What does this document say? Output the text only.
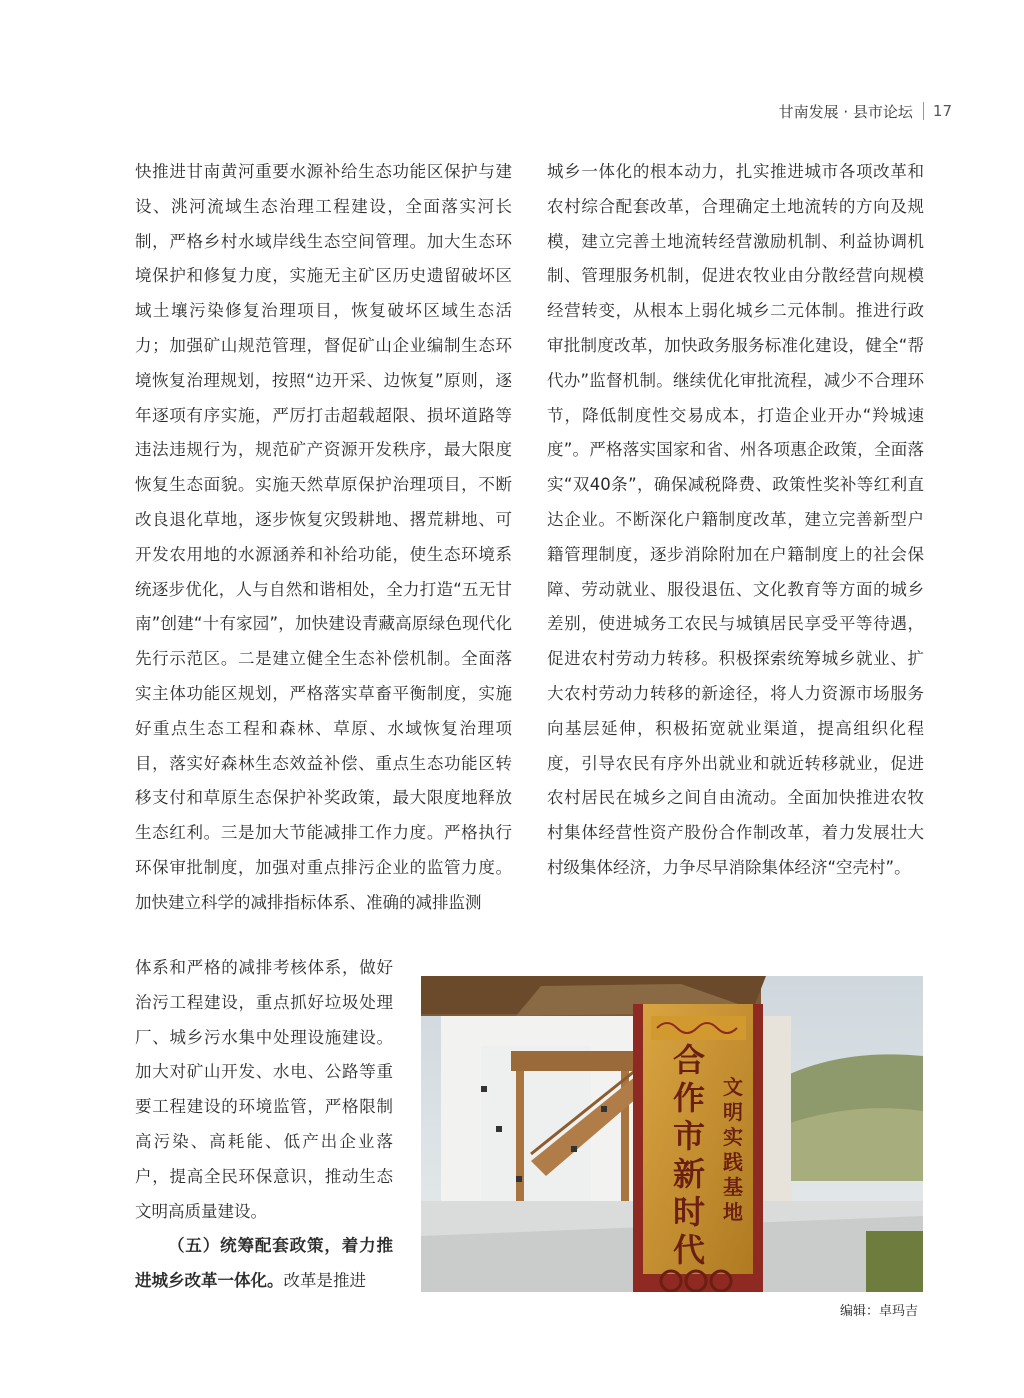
甘南发展 · 县市论坛 17

快推进甘南黄河重要水源补给生态功能区保护与建设、洮河流域生态治理工程建设，全面落实河长制，严格乡村水域岸线生态空间管理。加大生态环境保护和修复力度，实施无主矿区历史遗留破坏区域土壤污染修复治理项目，恢复破坏区域生态活力；加强矿山规范管理，督促矿山企业编制生态环境恢复治理规划，按照“边开采、边恢复”原则，逐年逐项有序实施，严厉打击超载超限、损坏道路等违法违规行为，规范矿产资源开发秩序，最大限度恢复生态面貌。实施天然草原保护治理项目，不断改良退化草地，逐步恢复灾毁耕地、撂荒耕地、可开发农用地的水源涵养和补给功能，使生态环境系统逐步优化，人与自然和谐相处，全力打造“五无甘南”创建“十有家园”，加快建设青藏高原绿色现代化先行示范区。二是建立健全生态补偿机制。全面落实主体功能区规划，严格落实草畜平衡制度，实施好重点生态工程和森林、草原、水域恢复治理项目，落实好森林生态效益补偿、重点生态功能区转移支付和草原生态保护补奖政策，最大限度地释放生态红利。三是加大节能减排工作力度。严格执行环保审批制度，加强对重点排污企业的监管力度。加快建立科学的减排指标体系、准确的减排监测

体系和严格的减排考核体系，做好治污工程建设，重点抓好垃圾处理厂、城乡污水集中处理设施建设。加大对矿山开发、水电、公路等重要工程建设的环境监管，严格限制高污染、高耗能、低产出企业落户，提高全民环保意识，推动生态文明高质量建设。

（五）统筹配套政策，着力推进城乡改革一体化。改革是推进

城乡一体化的根本动力，扎实推进城市各项改革和农村综合配套改革，合理确定土地流转的方向及规模，建立完善土地流转经营激励机制、利益协调机制、管理服务机制，促进农牧业由分散经营向规模经营转变，从根本上弱化城乡二元体制。推进行政审批制度改革，加快政务服务标准化建设，健全“帮代办”监督机制。继续优化审批流程，减少不合理环节，降低制度性交易成本，打造企业开办“羚城速度”。严格落实国家和省、州各项惠企政策，全面落实“双40条”，确保减税降费、政策性奖补等红利直达企业。不断深化户籍制度改革，建立完善新型户籍管理制度，逐步消除附加在户籍制度上的社会保障、劳动就业、服役退伍、文化教育等方面的城乡差别，使进城务工农民与城镇居民享受平等待遇，促进农村劳动力转移。积极探索统筹城乡就业、扩大农村劳动力转移的新途径，将人力资源市场服务向基层延伸，积极拓宽就业渠道，提高组织化程度，引导农民有序外出就业和就近转移就业，促进农村居民在城乡之间自由流动。全面加快推进农牧村集体经营性资产股份合作制改革，着力发展壮大村级集体经济，力争尽早消除集体经济“空壳村”。

合
作
市
新
时
代
文
明
实
践
基
地
编辑：卓玛吉
